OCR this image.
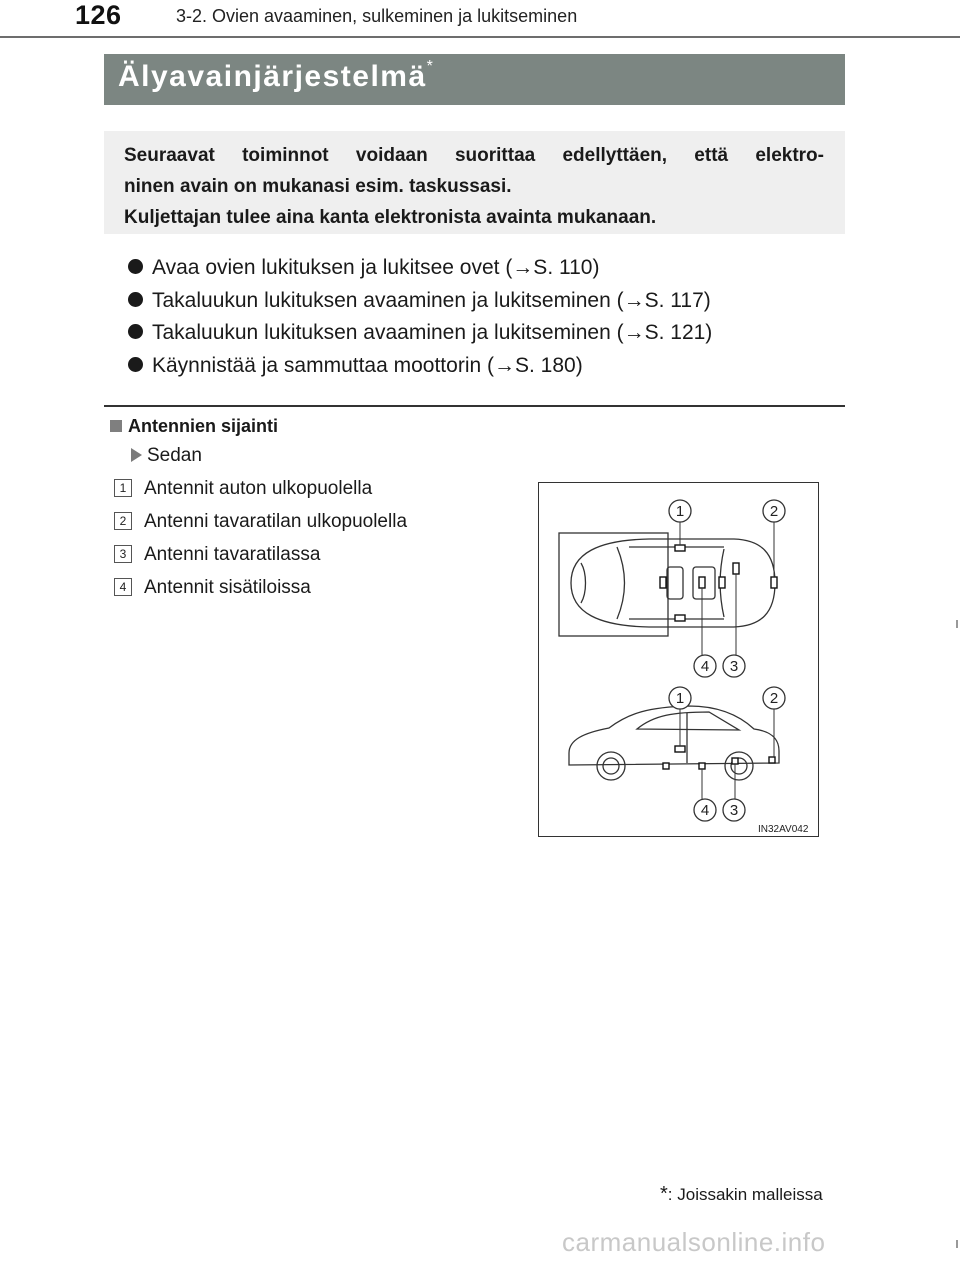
126	3-2. Ovien avaaminen, sulkeminen ja lukitseminen
Älyavainjärjestelmä*
Seuraavat toiminnot voidaan suorittaa edellyttäen, että elektro-
ninen avain on mukanasi esim. taskussasi.
Kuljettajan tulee aina kanta elektronista avainta mukanaan.
Avaa ovien lukituksen ja lukitsee ovet (→S. 110)
Takaluukun lukituksen avaaminen ja lukitseminen (→S. 117)
Takaluukun lukituksen avaaminen ja lukitseminen (→S. 121)
Käynnistää ja sammuttaa moottorin (→S. 180)
Antennien sijainti
Sedan
1 Antennit auton ulkopuolella
2 Antenni tavaratilan ulkopuolella
3 Antenni tavaratilassa
4 Antennit sisätiloissa
1	2
4 3
1	2
4 3
IN32AV042
*: Joissakin malleissa
carmanualsonline.info
